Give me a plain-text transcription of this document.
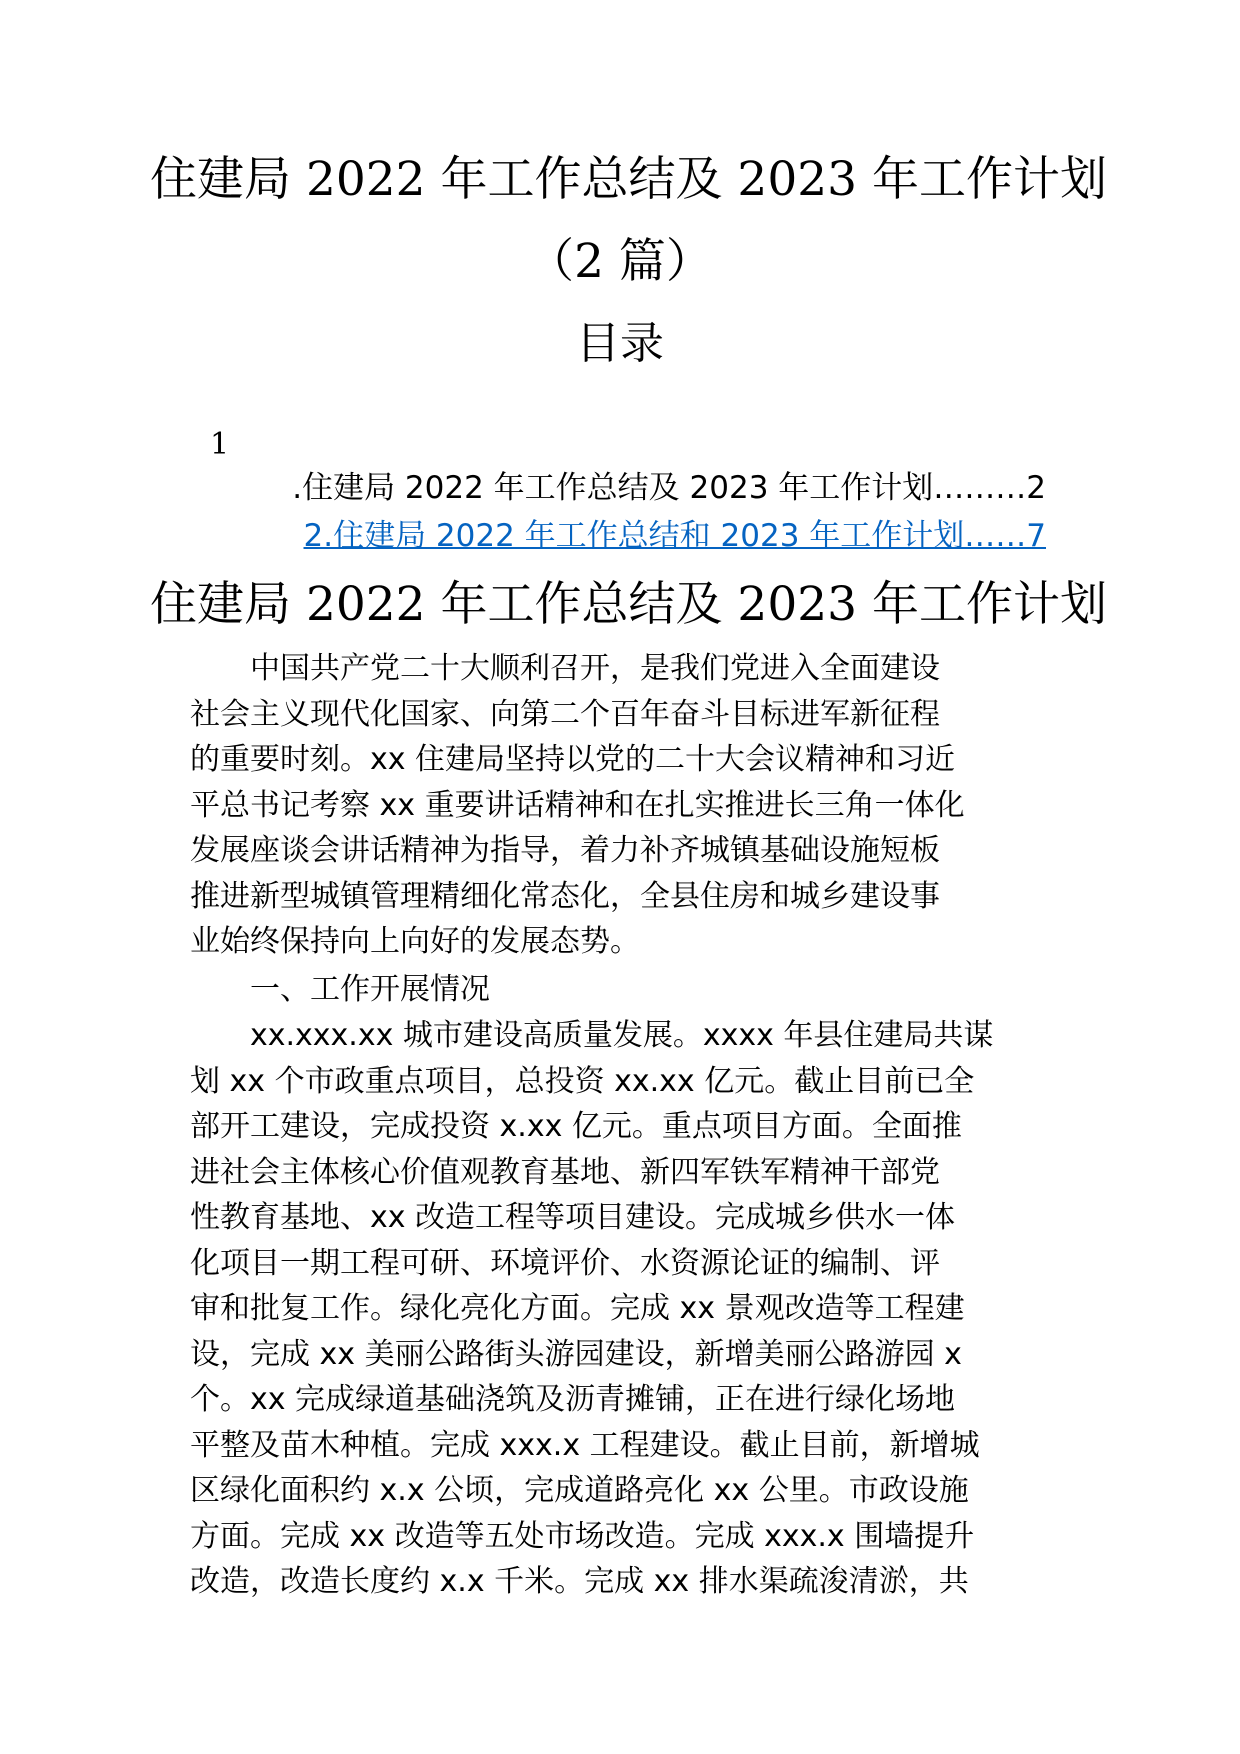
住建局 2022 年工作总结及 2023 年工作计划
（2 篇）
目录
1
.住建局 2022 年工作总结及 2023 年工作计划………2
2.住建局 2022 年工作总结和 2023 年工作计划……7
住建局 2022 年工作总结及 2023 年工作计划
中国共产党二十大顺利召开，是我们党进入全面建设
社会主义现代化国家、向第二个百年奋斗目标进军新征程
的重要时刻。xx 住建局坚持以党的二十大会议精神和习近
平总书记考察 xx 重要讲话精神和在扎实推进长三角一体化
发展座谈会讲话精神为指导，着力补齐城镇基础设施短板
推进新型城镇管理精细化常态化，全县住房和城乡建设事
业始终保持向上向好的发展态势。
一、工作开展情况
xx.xxx.xx 城市建设高质量发展。xxxx 年县住建局共谋
划 xx 个市政重点项目，总投资 xx.xx 亿元。截止目前已全
部开工建设，完成投资 x.xx 亿元。重点项目方面。全面推
进社会主体核心价值观教育基地、新四军铁军精神干部党
性教育基地、xx 改造工程等项目建设。完成城乡供水一体
化项目一期工程可研、环境评价、水资源论证的编制、评
审和批复工作。绿化亮化方面。完成 xx 景观改造等工程建
设，完成 xx 美丽公路街头游园建设，新增美丽公路游园 x
个。xx 完成绿道基础浇筑及沥青摊铺，正在进行绿化场地
平整及苗木种植。完成 xxx.x 工程建设。截止目前，新增城
区绿化面积约 x.x 公顷，完成道路亮化 xx 公里。市政设施
方面。完成 xx 改造等五处市场改造。完成 xxx.x 围墙提升
改造，改造长度约 x.x 千米。完成 xx 排水渠疏浚清淤，共
